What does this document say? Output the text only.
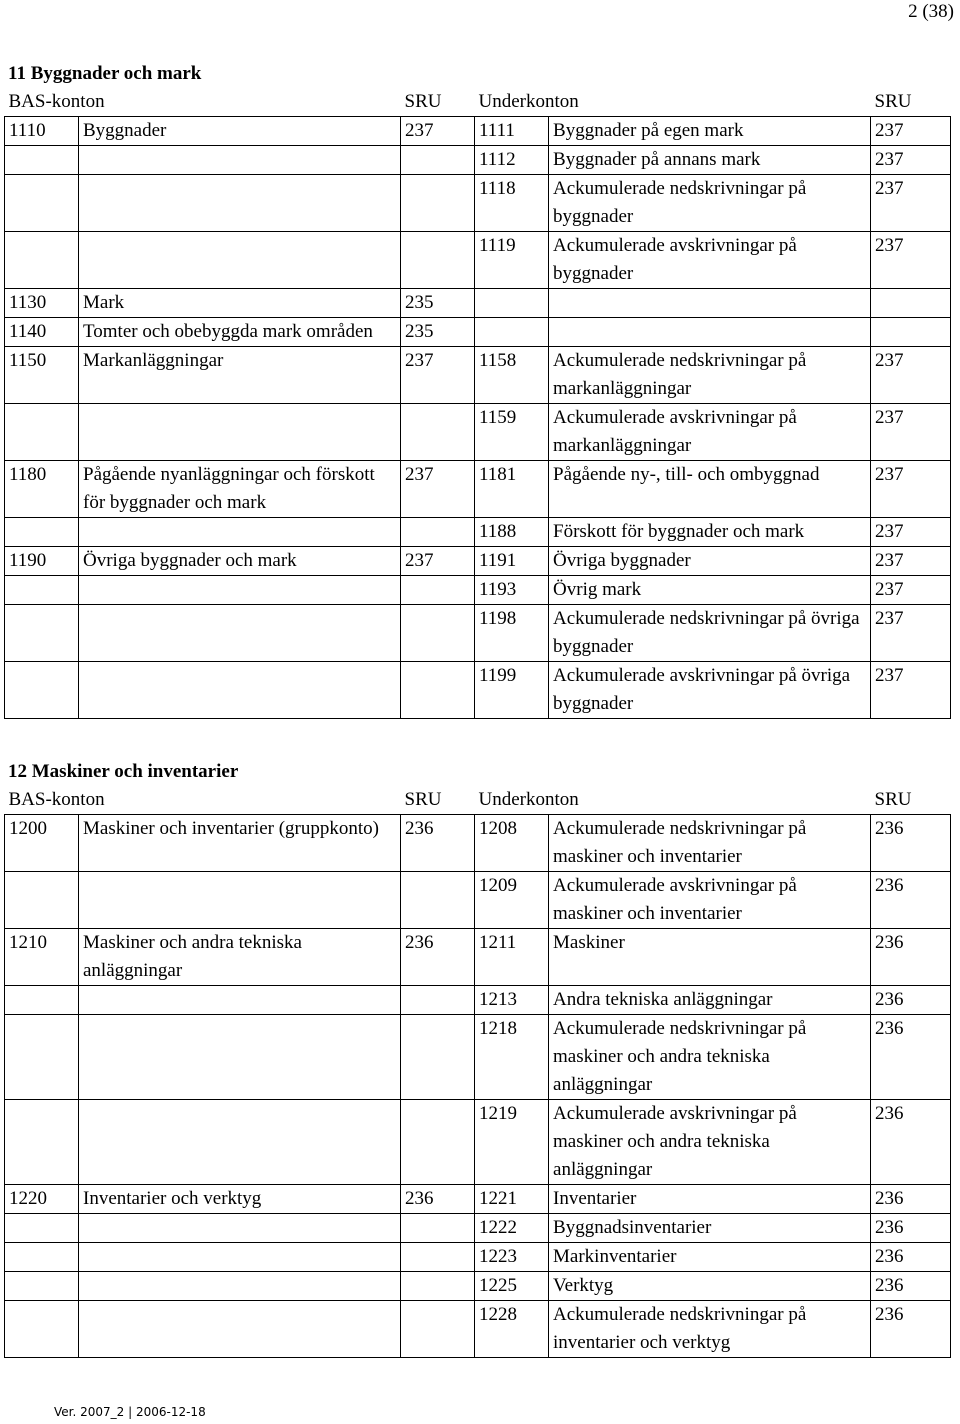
2 (38)
11 Byggnader och mark
BAS-konton		SRU	Underkonton		SRU
1110	Byggnader	237	1111	Byggnader på egen mark	237
			1112	Byggnader på annans mark	237
			1118	Ackumulerade nedskrivningar på byggnader	237
			1119	Ackumulerade avskrivningar på byggnader	237
1130	Mark	235			
1140	Tomter och obebyggda mark områden	235			
1150	Markanläggningar	237	1158	Ackumulerade nedskrivningar på markanläggningar	237
			1159	Ackumulerade avskrivningar på markanläggningar	237
1180	Pågående nyanläggningar och förskott för byggnader och mark	237	1181	Pågående ny-, till- och ombyggnad	237
			1188	Förskott för byggnader och mark	237
1190	Övriga byggnader och mark	237	1191	Övriga byggnader	237
			1193	Övrig mark	237
			1198	Ackumulerade nedskrivningar på övriga byggnader	237
			1199	Ackumulerade avskrivningar på övriga byggnader	237
12 Maskiner och inventarier
BAS-konton		SRU	Underkonton		SRU
1200	Maskiner och inventarier (gruppkonto)	236	1208	Ackumulerade nedskrivningar på maskiner och inventarier	236
			1209	Ackumulerade avskrivningar på maskiner och inventarier	236
1210	Maskiner och andra tekniska anläggningar	236	1211	Maskiner	236
			1213	Andra tekniska anläggningar	236
			1218	Ackumulerade nedskrivningar på maskiner och andra tekniska anläggningar	236
			1219	Ackumulerade avskrivningar på maskiner och andra tekniska anläggningar	236
1220	Inventarier och verktyg	236	1221	Inventarier	236
			1222	Byggnadsinventarier	236
			1223	Markinventarier	236
			1225	Verktyg	236
			1228	Ackumulerade nedskrivningar på inventarier och verktyg	236
Ver. 2007_2 | 2006-12-18
